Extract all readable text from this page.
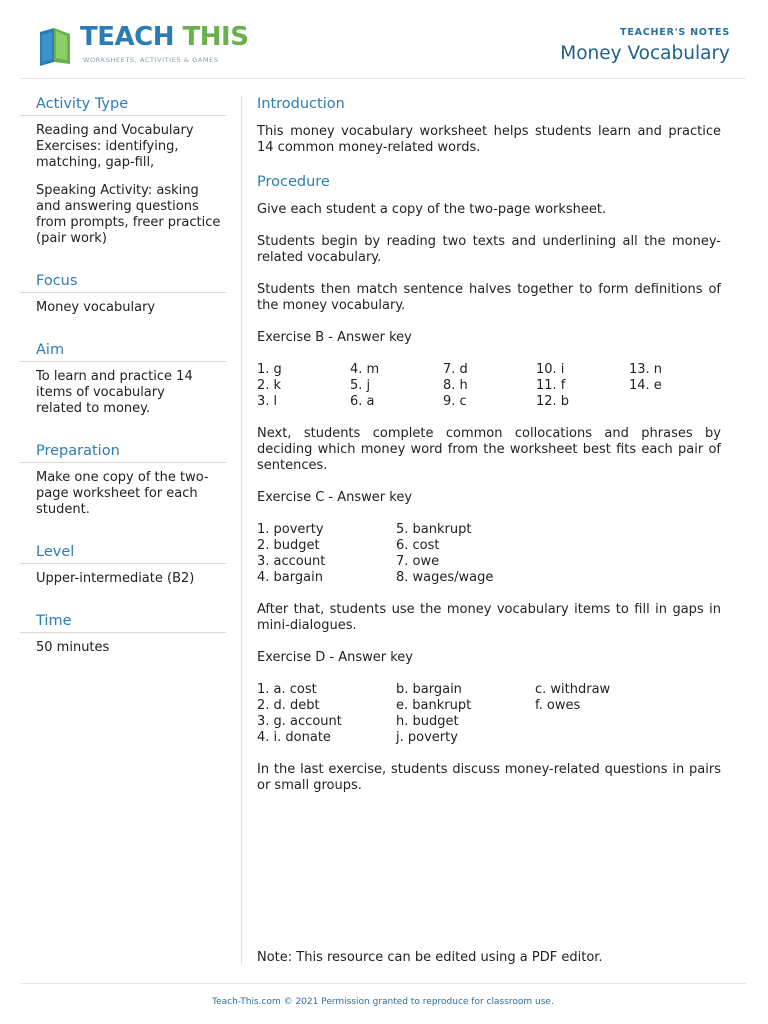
TEACH THIS
WORKSHEETS, ACTIVITIES & GAMES
TEACHER'S NOTES
Money Vocabulary
Activity Type
Reading and Vocabulary Exercises: identifying, matching, gap-fill,
Speaking Activity: asking and answering questions from prompts, freer practice (pair work)
Focus
Money vocabulary
Aim
To learn and practice 14 items of vocabulary related to money.
Preparation
Make one copy of the two-page worksheet for each student.
Level
Upper-intermediate (B2)
Time
50 minutes
Introduction

This money vocabulary worksheet helps students learn and practice 14 common money-related words.

Procedure

Give each student a copy of the two-page worksheet.

Students begin by reading two texts and underlining all the money-related vocabulary.

Students then match sentence halves together to form definitions of the money vocabulary.

Exercise B - Answer key

1. g	4. m	7. d	10. i	13. n
2. k	5. j	8. h	11. f	14. e
3. l	6. a	9. c	12. b

Next, students complete common collocations and phrases by deciding which money word from the worksheet best fits each pair of sentences.

Exercise C - Answer key

1. poverty	5. bankrupt
2. budget	6. cost
3. account	7. owe
4. bargain	8. wages/wage

After that, students use the money vocabulary items to fill in gaps in mini-dialogues.

Exercise D - Answer key

1. a. cost	b. bargain	c. withdraw
2. d. debt	e. bankrupt	f. owes
3. g. account	h. budget
4. i. donate	j. poverty

In the last exercise, students discuss money-related questions in pairs or small groups.

Note: This resource can be edited using a PDF editor.
Teach-This.com © 2021 Permission granted to reproduce for classroom use.
